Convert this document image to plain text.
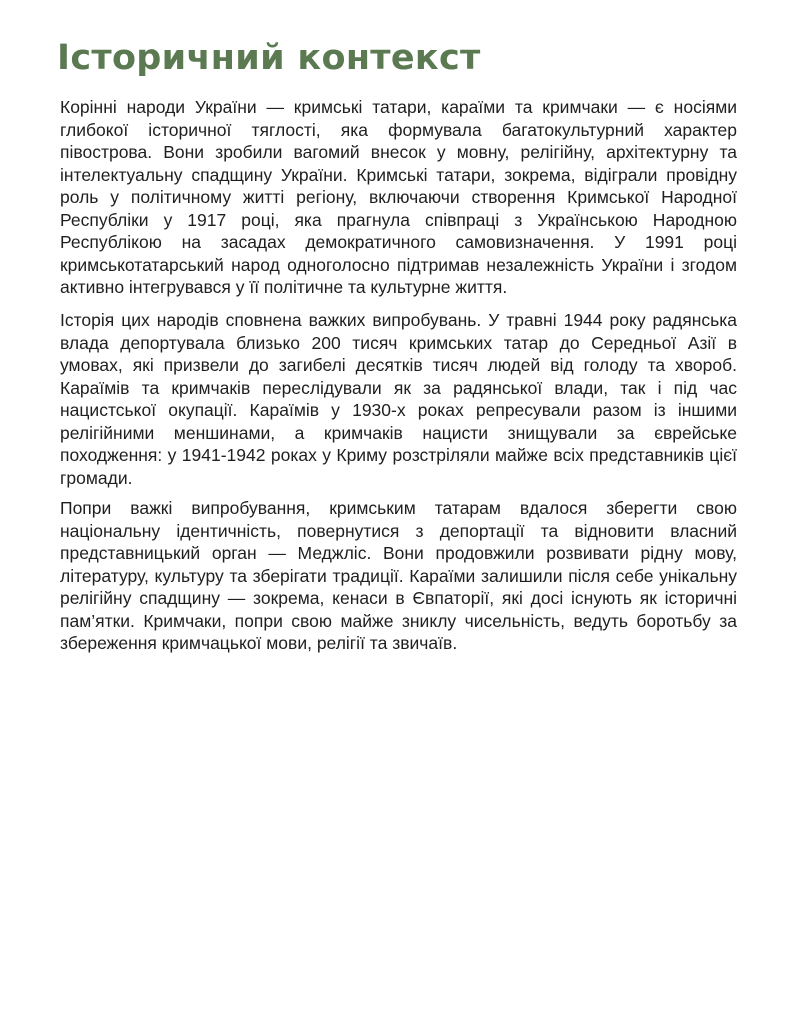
Історичний контекст

Корінні народи України — кримські татари, караїми та кримчаки — є носіями глибокої історичної тяглості, яка формувала багатокультурний характер півострова. Вони зробили вагомий внесок у мовну, релігійну, архітектурну та інтелектуальну спадщину України. Кримські татари, зокрема, відіграли провідну роль у політичному житті регіону, включаючи створення Кримської Народної Республіки у 1917 році, яка прагнула співпраці з Українською Народною Республікою на засадах демократичного самовизначення. У 1991 році кримськотатарський народ одноголосно підтримав незалежність України і згодом активно інтегрувався у її політичне та культурне життя.

Історія цих народів сповнена важких випробувань. У травні 1944 року радянська влада депортувала близько 200 тисяч кримських татар до Середньої Азії в умовах, які призвели до загибелі десятків тисяч людей від голоду та хвороб. Караїмів та кримчаків переслідували як за радянської влади, так і під час нацистської окупації. Караїмів у 1930-х роках репресували разом із іншими релігійними меншинами, а кримчаків нацисти знищували за єврейське походження: у 1941-1942 роках у Криму розстріляли майже всіх представників цієї громади.

Попри важкі випробування, кримським татарам вдалося зберегти свою національну ідентичність, повернутися з депортації та відновити власний представницький орган — Меджліс. Вони продовжили розвивати рідну мову, літературу, культуру та зберігати традиції. Караїми залишили після себе унікальну релігійну спадщину — зокрема, кенаси в Євпаторії, які досі існують як історичні пам’ятки. Кримчаки, попри свою майже зниклу чисельність, ведуть боротьбу за збереження кримчацької мови, релігії та звичаїв.
